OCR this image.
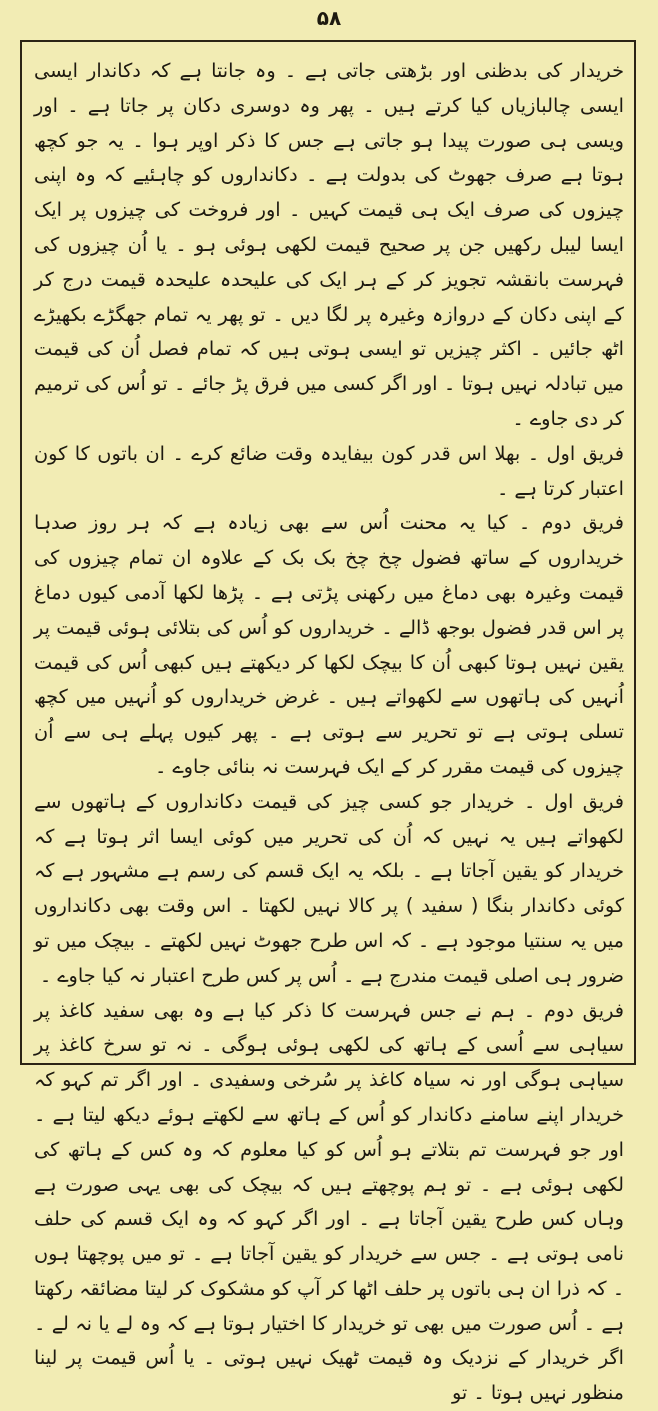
۵۸

خریدار کی بدظنی اور بڑھتی جاتی ہے ۔ وہ جانتا ہے کہ دکاندار ایسی ایسی چالبازیاں کیا کرتے ہیں ۔ پھر وہ دوسری دکان پر جاتا ہے ۔ اور ویسی ہی صورت پیدا ہو جاتی ہے جس کا ذکر اوپر ہوا ۔ یہ جو کچھ ہوتا ہے صرف جھوٹ کی بدولت ہے ۔ دکانداروں کو چاہئیے کہ وہ اپنی چیزوں کی صرف ایک ہی قیمت کہیں ۔ اور فروخت کی چیزوں پر ایک ایسا لیبل رکھیں جن پر صحیح قیمت لکھی ہوئی ہو ۔ یا اُن چیزوں کی فہرست بانقشہ تجویز کر کے ہر ایک کی علیحدہ علیحدہ قیمت درج کر کے اپنی دکان کے دروازہ وغیرہ پر لگا دیں ۔ تو پھر یہ تمام جھگڑے بکھیڑے اٹھ جائیں ۔ اکثر چیزیں تو ایسی ہوتی ہیں کہ تمام فصل اُن کی قیمت میں تبادلہ نہیں ہوتا ۔ اور اگر کسی میں فرق پڑ جائے ۔ تو اُس کی ترمیم کر دی جاوے ۔

فریق اول ۔ بھلا اس قدر کون بیفایدہ وقت ضائع کرے ۔ ان باتوں کا کون اعتبار کرتا ہے ۔

فریق دوم ۔ کیا یہ محنت اُس سے بھی زیادہ ہے کہ ہر روز صدہا خریداروں کے ساتھ فضول چخ چخ بک بک کے علاوہ ان تمام چیزوں کی قیمت وغیرہ بھی دماغ میں رکھنی پڑتی ہے ۔ پڑھا لکھا آدمی کیوں دماغ پر اس قدر فضول بوجھ ڈالے ۔ خریداروں کو اُس کی بتلائی ہوئی قیمت پر یقین نہیں ہوتا کبھی اُن کا بیچک لکھا کر دیکھتے ہیں کبھی اُس کی قیمت اُنہیں کی ہاتھوں سے لکھواتے ہیں ۔ غرض خریداروں کو اُنہیں میں کچھ تسلی ہوتی ہے تو تحریر سے ہوتی ہے ۔ پھر کیوں پہلے ہی سے اُن چیزوں کی قیمت مقرر کر کے ایک فہرست نہ بنائی جاوے ۔

فریق اول ۔ خریدار جو کسی چیز کی قیمت دکانداروں کے ہاتھوں سے لکھواتے ہیں یہ نہیں کہ اُن کی تحریر میں کوئی ایسا اثر ہوتا ہے کہ خریدار کو یقین آجاتا ہے ۔ بلکہ یہ ایک قسم کی رسم ہے مشہور ہے کہ کوئی دکاندار بنگا ( سفید ) پر کالا نہیں لکھتا ۔ اس وقت بھی دکانداروں میں یہ سنتیا موجود ہے ۔ کہ اس طرح جھوٹ نہیں لکھتے ۔ بیچک میں تو ضرور ہی اصلی قیمت مندرج ہے ۔ اُس پر کس طرح اعتبار نہ کیا جاوے ۔

فریق دوم ۔ ہم نے جس فہرست کا ذکر کیا ہے وہ بھی سفید کاغذ پر سیاہی سے اُسی کے ہاتھ کی لکھی ہوئی ہوگی ۔ نہ تو سرخ کاغذ پر سیاہی ہوگی اور نہ سیاہ کاغذ پر سُرخی وسفیدی ۔ اور اگر تم کہو کہ خریدار اپنے سامنے دکاندار کو اُس کے ہاتھ سے لکھتے ہوئے دیکھ لیتا ہے ۔ اور جو فہرست تم بتلاتے ہو اُس کو کیا معلوم کہ وہ کس کے ہاتھ کی لکھی ہوئی ہے ۔ تو ہم پوچھتے ہیں کہ بیچک کی بھی یہی صورت ہے وہاں کس طرح یقین آجاتا ہے ۔ اور اگر کہو کہ وہ ایک قسم کی حلف نامی ہوتی ہے ۔ جس سے خریدار کو یقین آجاتا ہے ۔ تو میں پوچھتا ہوں ۔ کہ ذرا ان ہی باتوں پر حلف اٹھا کر آپ کو مشکوک کر لیتا مضائقہ رکھتا ہے ۔ اُس صورت میں بھی تو خریدار کا اختیار ہوتا ہے کہ وہ لے یا نہ لے ۔ اگر خریدار کے نزدیک وہ قیمت ٹھیک نہیں ہوتی ۔ یا اُس قیمت پر لینا منظور نہیں ہوتا ۔ تو
